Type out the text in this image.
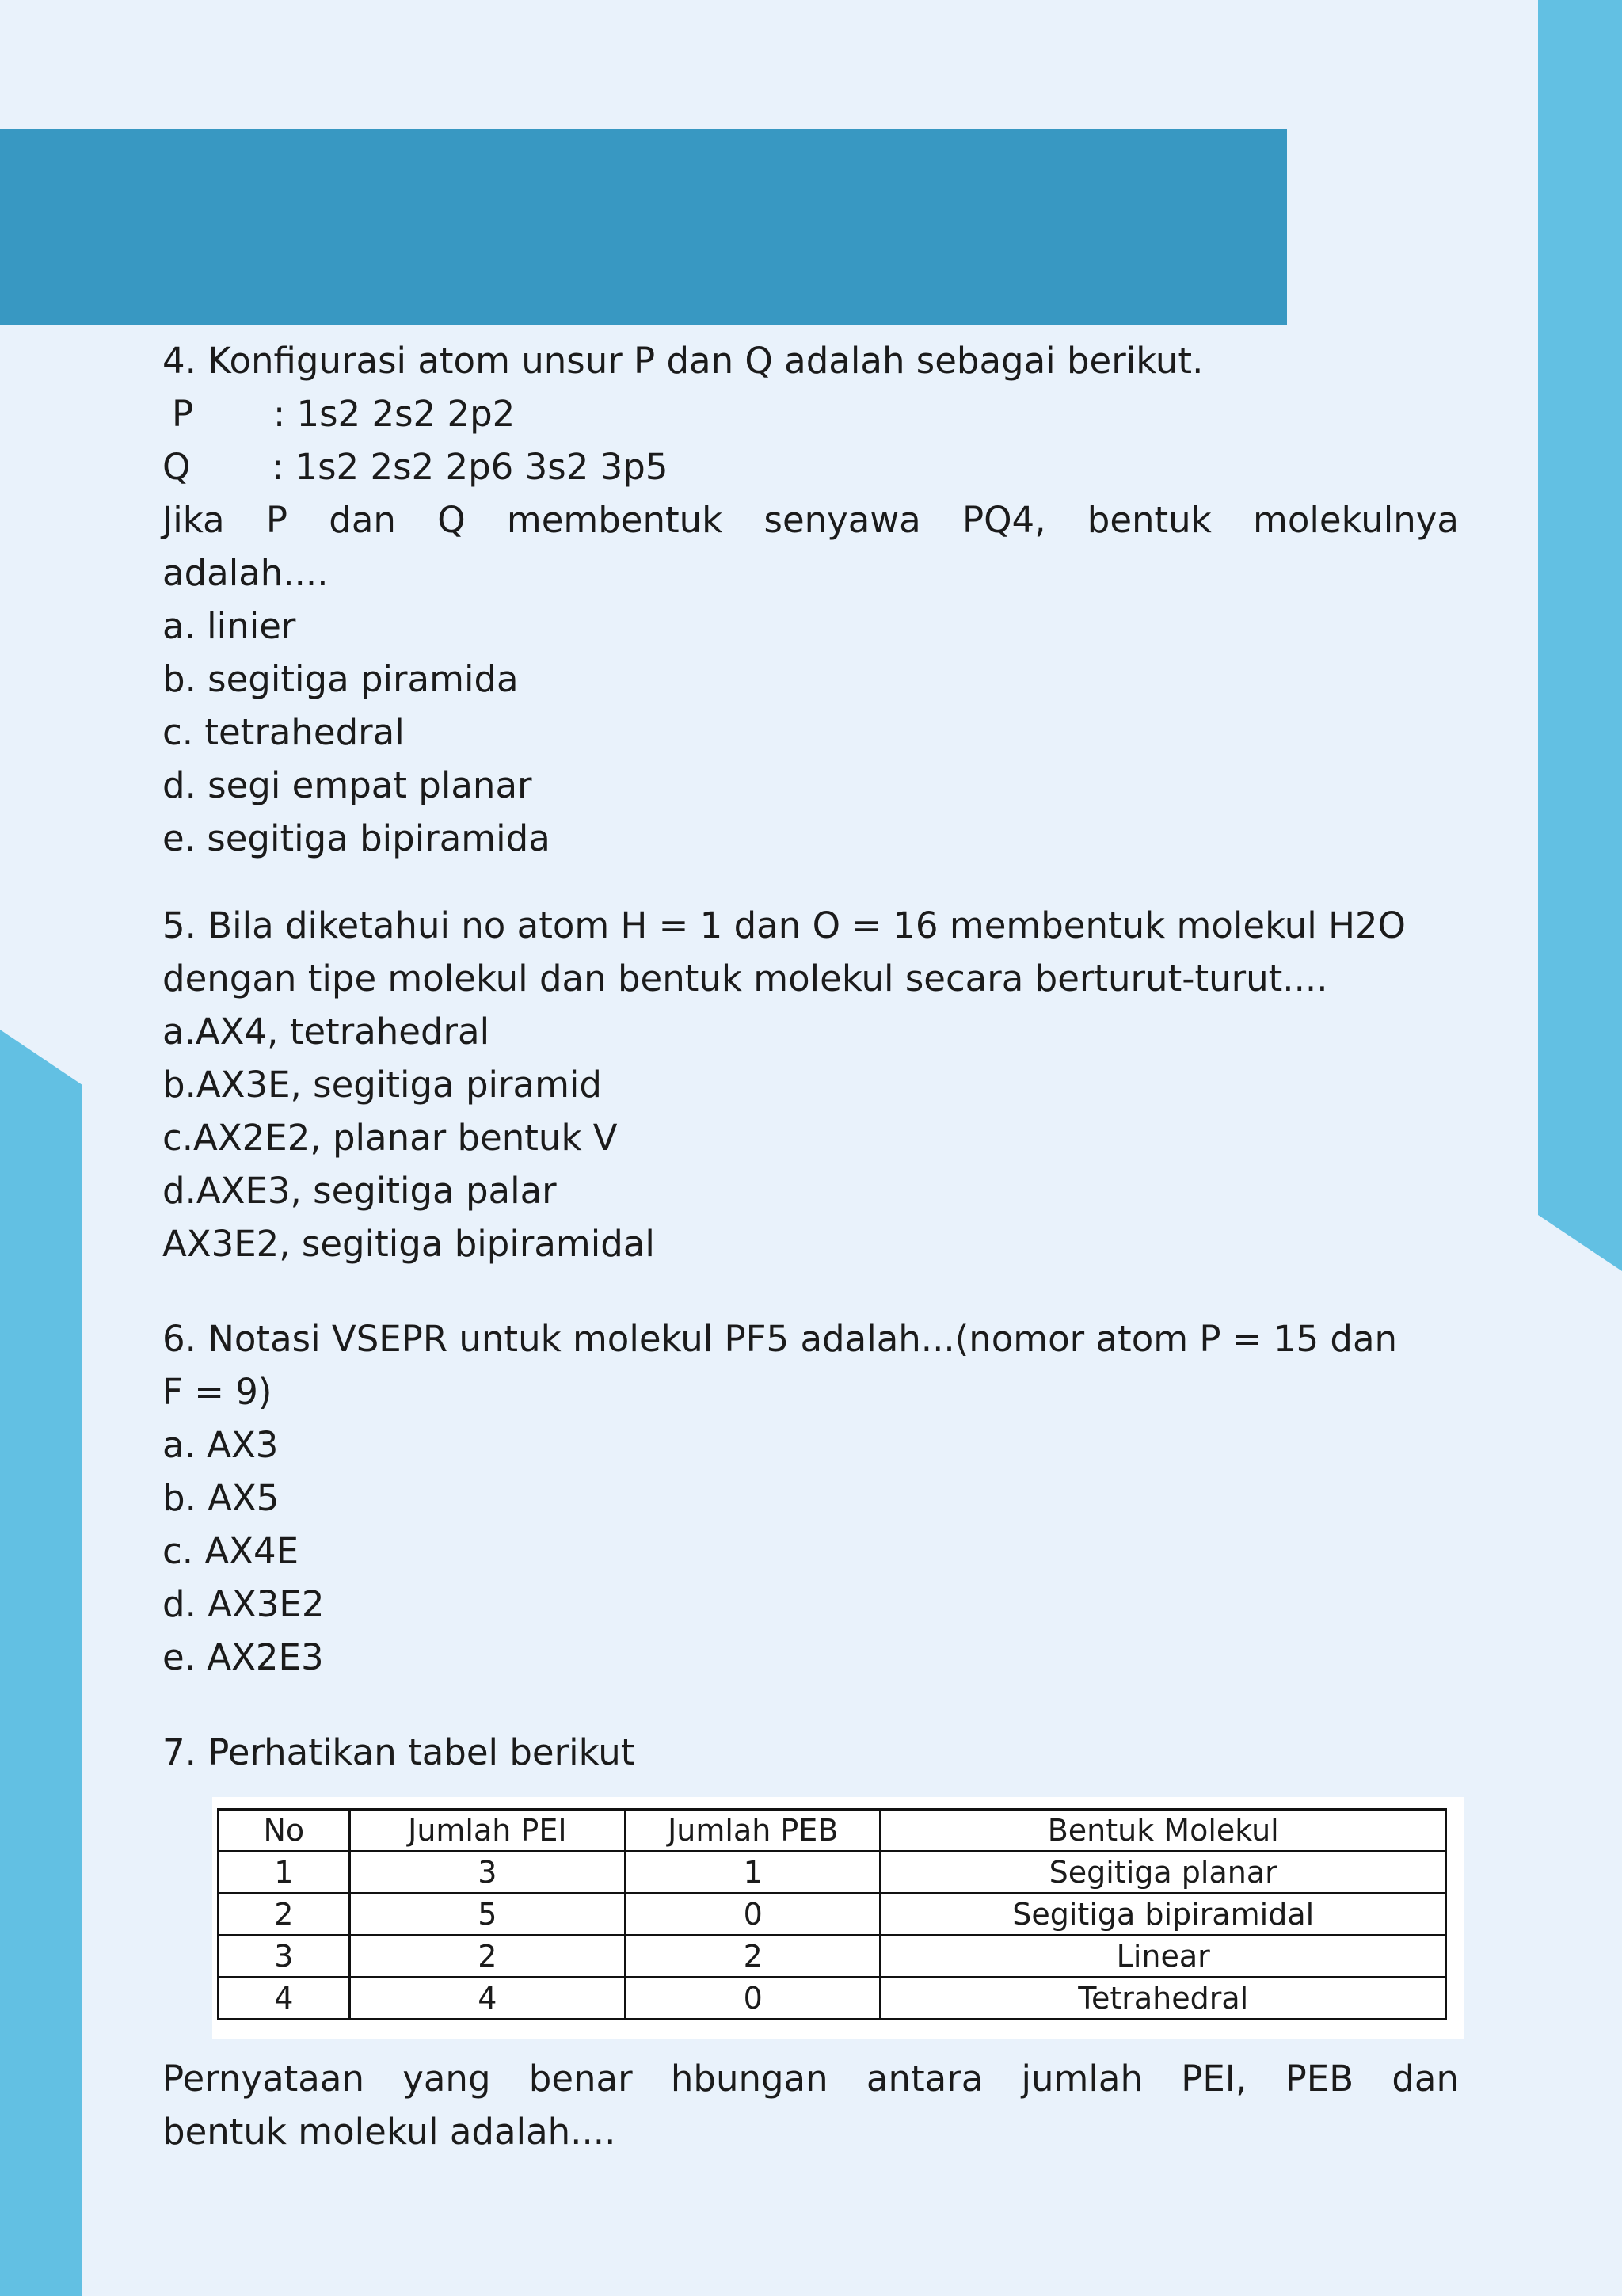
4. Konfigurasi atom unsur P dan Q adalah sebagai berikut.
P : 1s2 2s2 2p2
Q : 1s2 2s2 2p6 3s2 3p5
Jika P dan Q membentuk senyawa PQ4, bentuk molekulnya
adalah....
a. linier
b. segitiga piramida
c. tetrahedral
d. segi empat planar
e. segitiga bipiramida
5. Bila diketahui no atom H = 1 dan O = 16 membentuk molekul H2O
dengan tipe molekul dan bentuk molekul secara berturut-turut....
a.AX4, tetrahedral
b.AX3E, segitiga piramid
c.AX2E2, planar bentuk V
d.AXE3, segitiga palar
AX3E2, segitiga bipiramidal
6. Notasi VSEPR untuk molekul PF5 adalah...(nomor atom P = 15 dan
F = 9)
a. AX3
b. AX5
c. AX4E
d. AX3E2
e. AX2E3
7. Perhatikan tabel berikut
No	Jumlah PEI	Jumlah PEB	Bentuk Molekul
1	3	1	Segitiga planar
2	5	0	Segitiga bipiramidal
3	2	2	Linear
4	4	0	Tetrahedral
Pernyataan yang benar hbungan antara jumlah PEI, PEB dan
bentuk molekul adalah....
